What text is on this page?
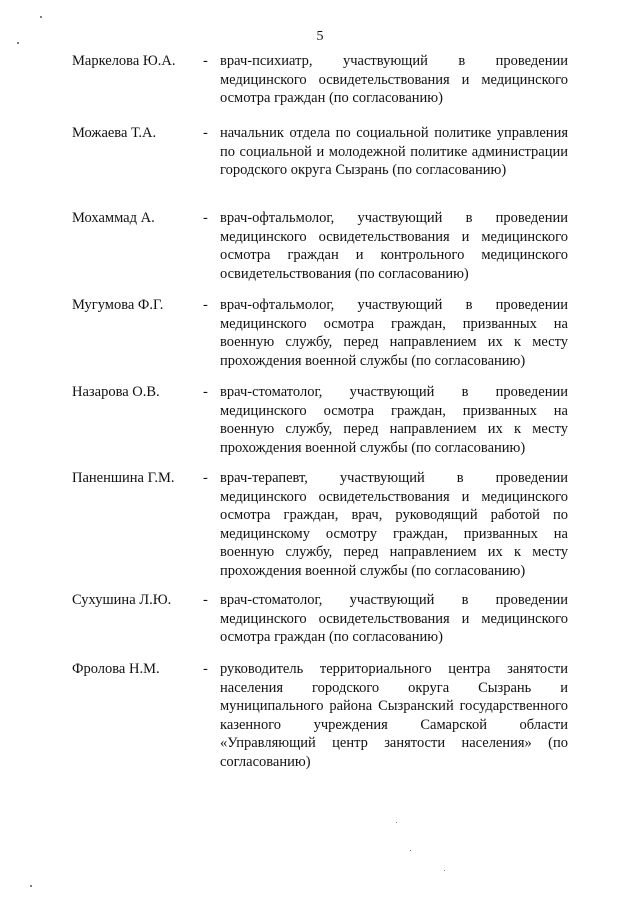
5
Маркелова Ю.А.	- врач-психиатр, участвующий в проведении медицинского освидетельствования и медицинского осмотра граждан (по согласованию)
Можаева Т.А.	- начальник отдела по социальной политике управления по социальной и молодежной политике администрации городского округа Сызрань (по согласованию)
Мохаммад А.	- врач-офтальмолог, участвующий в проведении медицинского освидетельствования и медицинского осмотра граждан и контрольного медицинского освидетельствования (по согласованию)
Мугумова Ф.Г.	- врач-офтальмолог, участвующий в проведении медицинского осмотра граждан, призванных на военную службу, перед направлением их к месту прохождения военной службы (по согласованию)
Назарова О.В.	- врач-стоматолог, участвующий в проведении медицинского осмотра граждан, призванных на военную службу, перед направлением их к месту прохождения военной службы (по согласованию)
Паненшина Г.М.	- врач-терапевт, участвующий в проведении медицинского освидетельствования и медицинского осмотра граждан, врач, руководящий работой по медицинскому осмотру граждан, призванных на военную службу, перед направлением их к месту прохождения военной службы (по согласованию)
Сухушина Л.Ю.	- врач-стоматолог, участвующий в проведении медицинского освидетельствования и медицинского осмотра граждан (по согласованию)
Фролова Н.М.	- руководитель территориального центра занятости населения городского округа Сызрань и муниципального района Сызранский государственного казенного учреждения Самарской области «Управляющий центр занятости населения» (по согласованию)
